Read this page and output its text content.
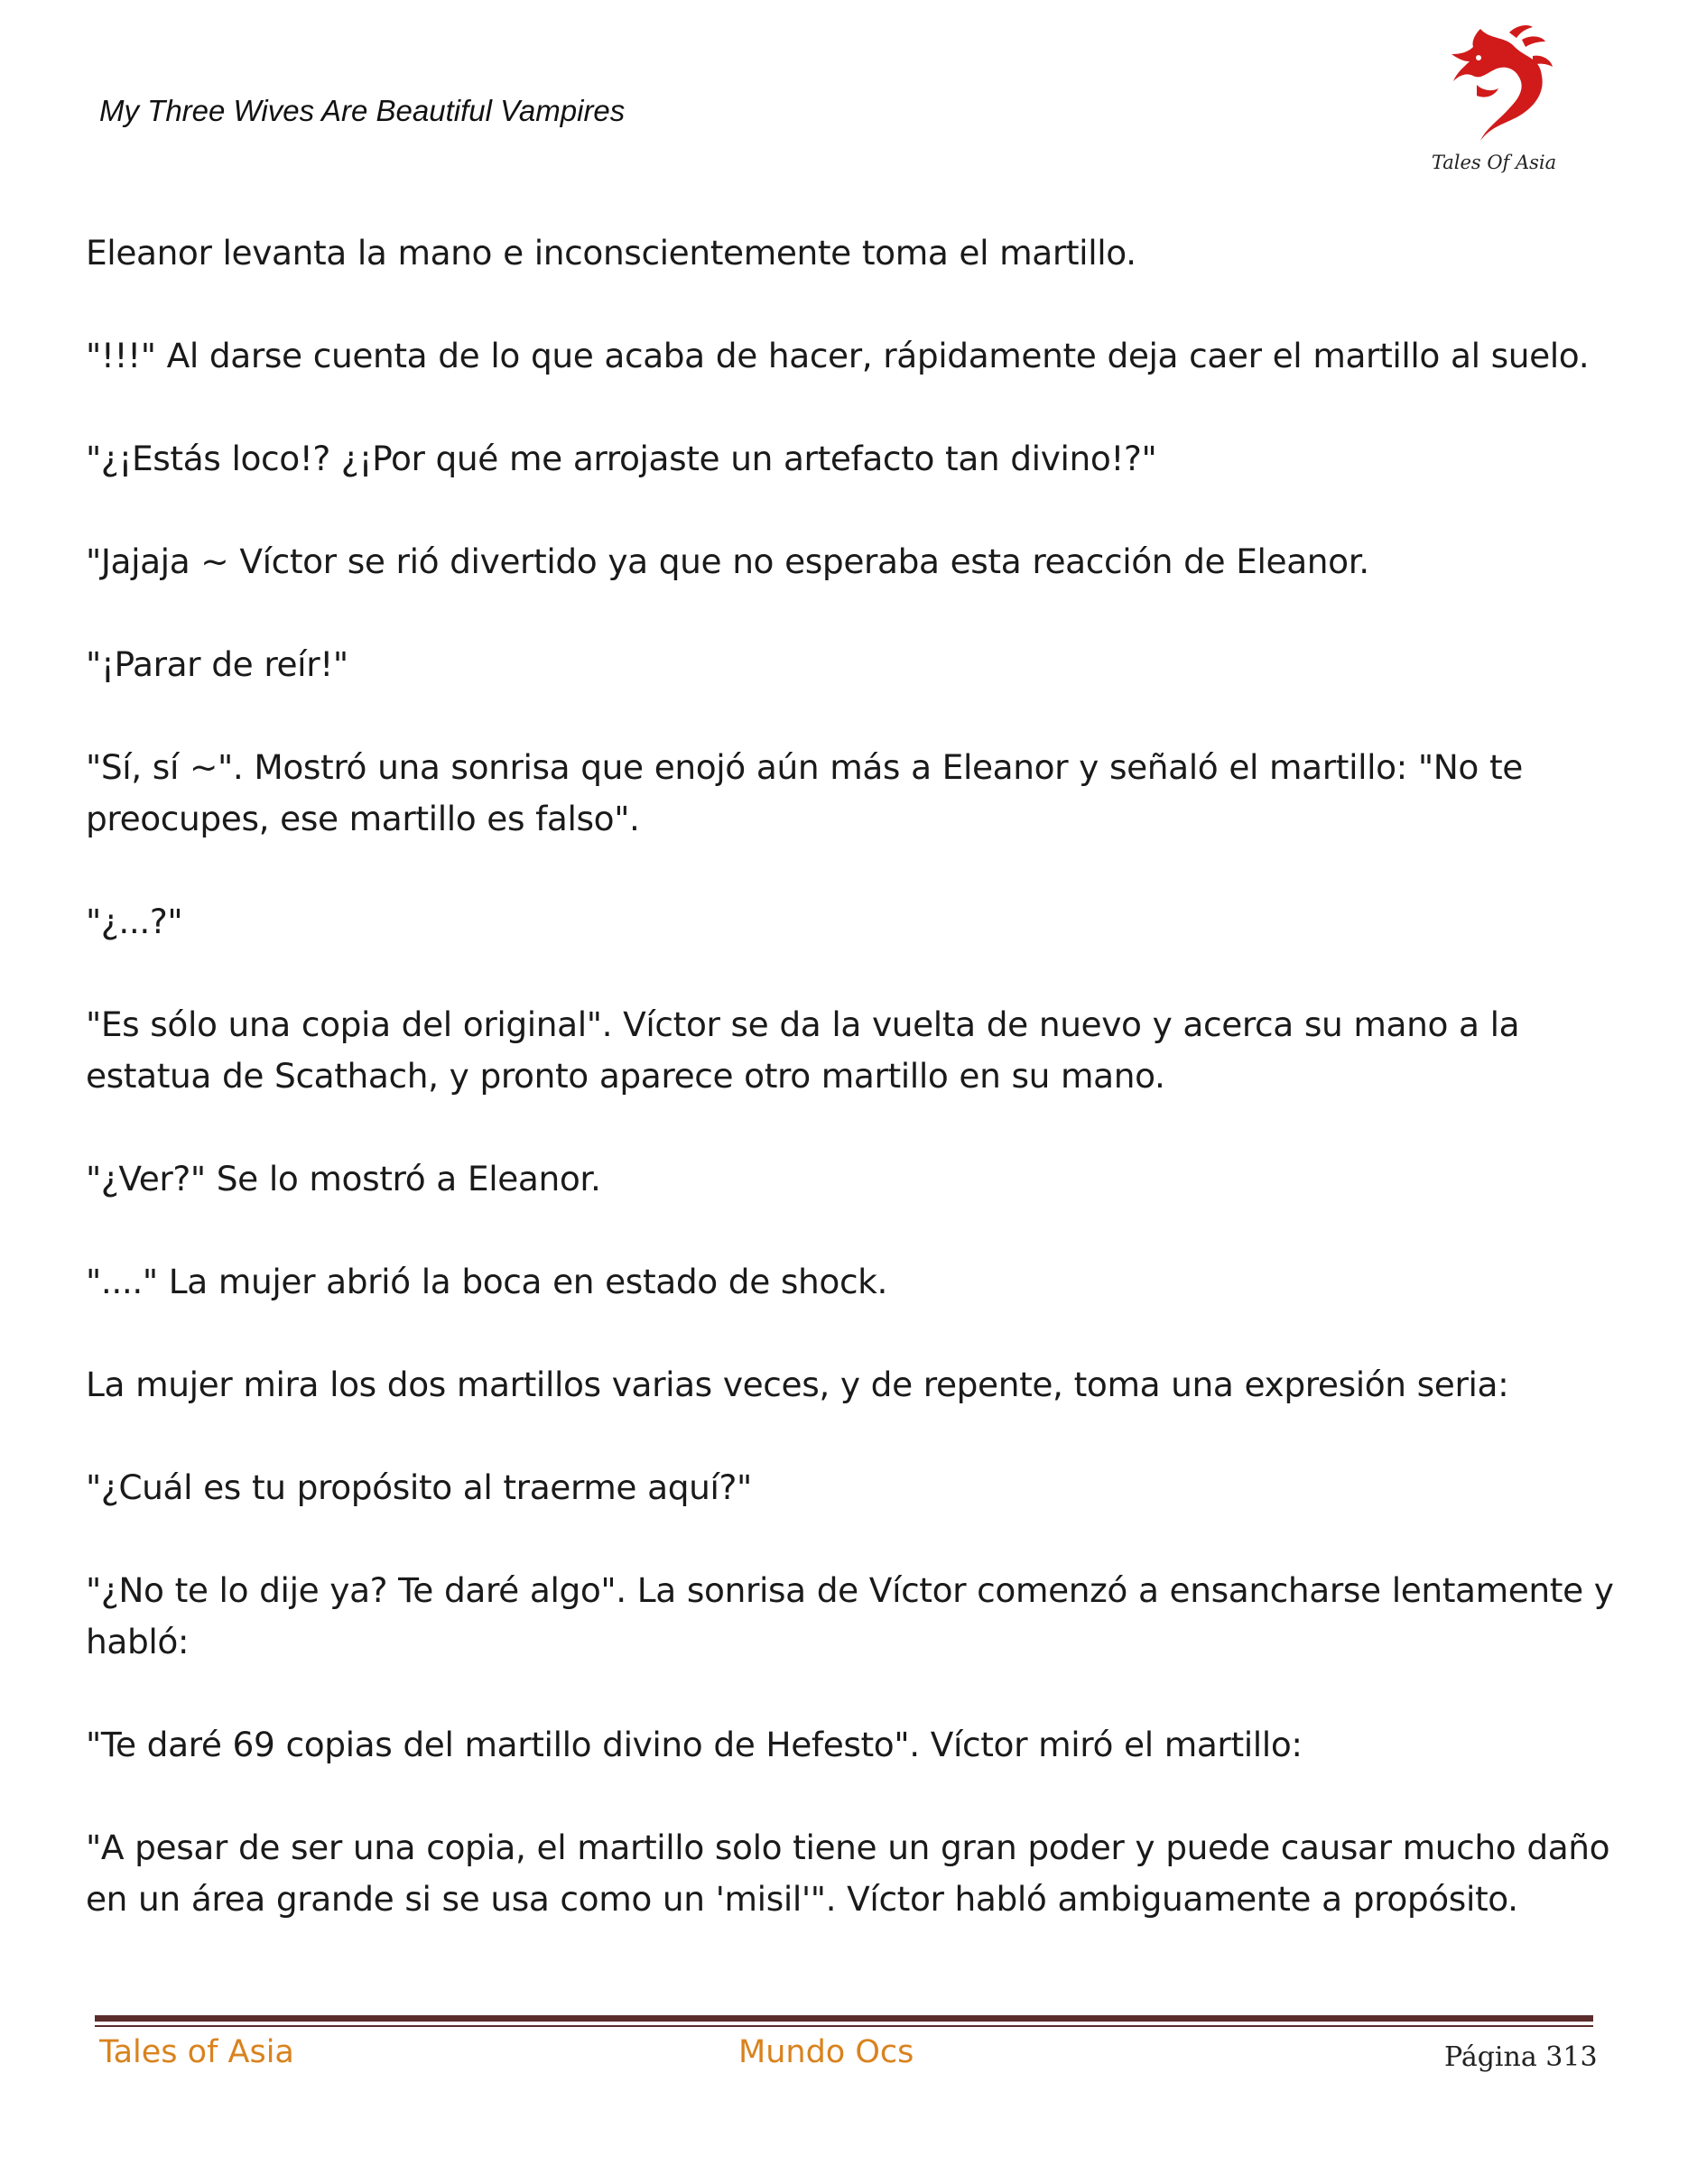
My Three Wives Are Beautiful Vampires
Tales Of Asia

Eleanor levanta la mano e inconscientemente toma el martillo.

"!!!" Al darse cuenta de lo que acaba de hacer, rápidamente deja caer el martillo al suelo.

"¿¡Estás loco!? ¿¡Por qué me arrojaste un artefacto tan divino!?"

"Jajaja ~ Víctor se rió divertido ya que no esperaba esta reacción de Eleanor.

"¡Parar de reír!"

"Sí, sí ~". Mostró una sonrisa que enojó aún más a Eleanor y señaló el martillo: "No te preocupes, ese martillo es falso".

"¿...?"

"Es sólo una copia del original". Víctor se da la vuelta de nuevo y acerca su mano a la estatua de Scathach, y pronto aparece otro martillo en su mano.

"¿Ver?" Se lo mostró a Eleanor.

"...." La mujer abrió la boca en estado de shock.

La mujer mira los dos martillos varias veces, y de repente, toma una expresión seria:

"¿Cuál es tu propósito al traerme aquí?"

"¿No te lo dije ya? Te daré algo". La sonrisa de Víctor comenzó a ensancharse lentamente y habló:

"Te daré 69 copias del martillo divino de Hefesto". Víctor miró el martillo:

"A pesar de ser una copia, el martillo solo tiene un gran poder y puede causar mucho daño en un área grande si se usa como un 'misil'". Víctor habló ambiguamente a propósito.

Tales of Asia	Mundo Ocs	Página 313
